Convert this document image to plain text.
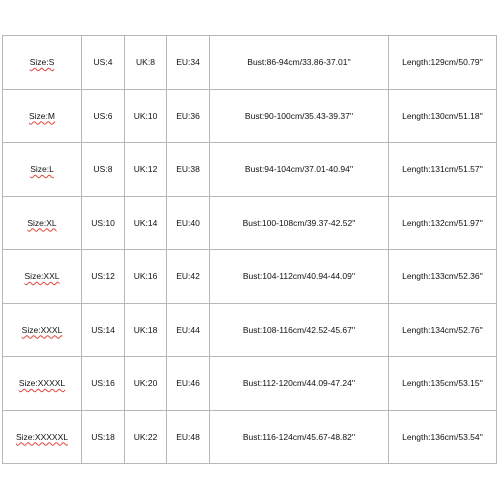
Size:S	US:4	UK:8	EU:34	Bust:86-94cm/33.86-37.01''	Length:129cm/50.79''
Size:M	US:6	UK:10	EU:36	Bust:90-100cm/35.43-39.37''	Length:130cm/51.18''
Size:L	US:8	UK:12	EU:38	Bust:94-104cm/37.01-40.94''	Length:131cm/51.57''
Size:XL	US:10	UK:14	EU:40	Bust:100-108cm/39.37-42.52''	Length:132cm/51.97''
Size:XXL	US:12	UK:16	EU:42	Bust:104-112cm/40.94-44.09''	Length:133cm/52.36''
Size:XXXL	US:14	UK:18	EU:44	Bust:108-116cm/42.52-45.67''	Length:134cm/52.76''
Size:XXXXL	US:16	UK:20	EU:46	Bust:112-120cm/44.09-47.24''	Length:135cm/53.15''
Size:XXXXXL	US:18	UK:22	EU:48	Bust:116-124cm/45.67-48.82''	Length:136cm/53.54''
